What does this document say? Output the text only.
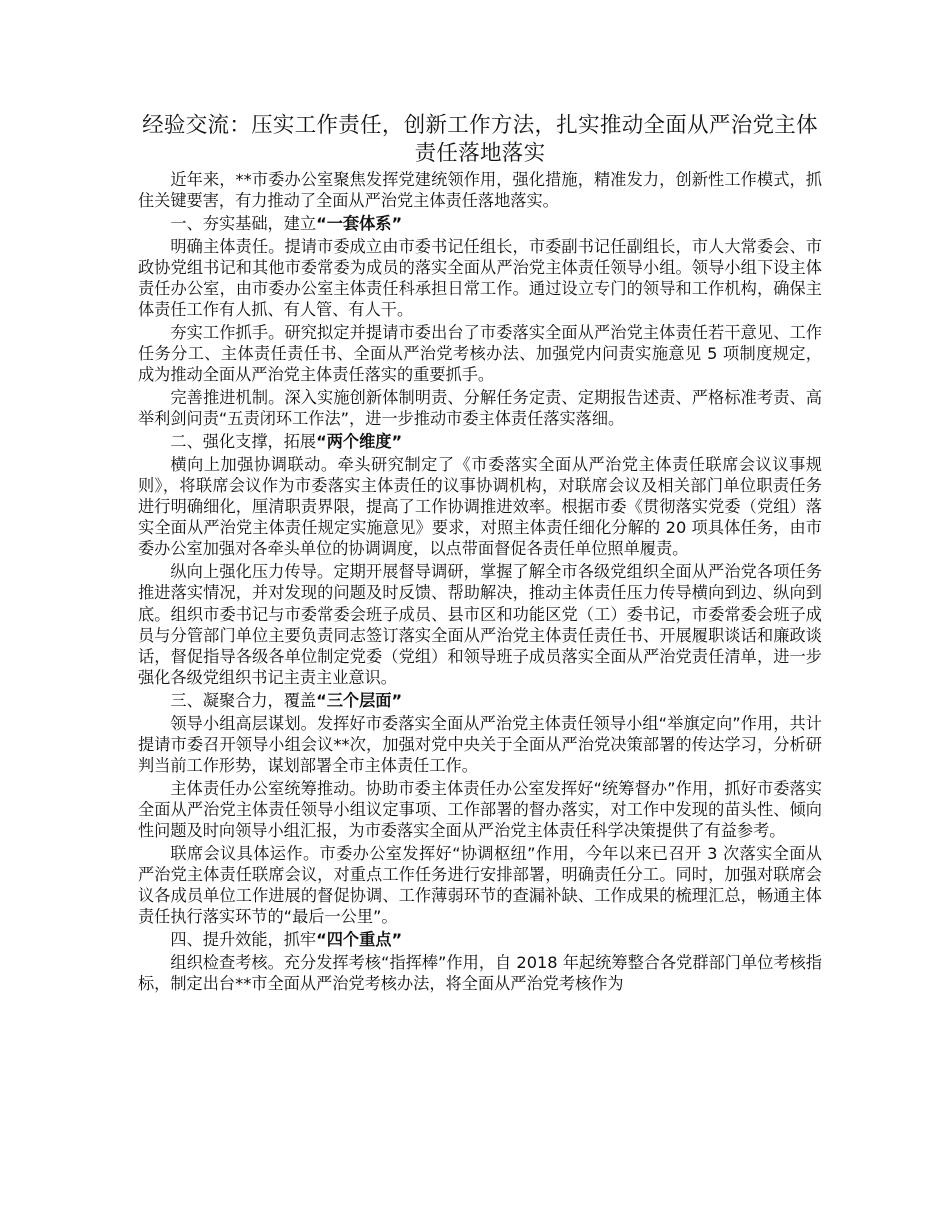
经验交流：压实工作责任，创新工作方法，扎实推动全面从严治党主体责任落地落实

近年来，**市委办公室聚焦发挥党建统领作用，强化措施，精准发力，创新性工作模式，抓住关键要害，有力推动了全面从严治党主体责任落地落实。

一、夯实基础，建立“一套体系”

明确主体责任。提请市委成立由市委书记任组长，市委副书记任副组长，市人大常委会、市政协党组书记和其他市委常委为成员的落实全面从严治党主体责任领导小组。领导小组下设主体责任办公室，由市委办公室主体责任科承担日常工作。通过设立专门的领导和工作机构，确保主体责任工作有人抓、有人管、有人干。

夯实工作抓手。研究拟定并提请市委出台了市委落实全面从严治党主体责任若干意见、工作任务分工、主体责任责任书、全面从严治党考核办法、加强党内问责实施意见 5 项制度规定，成为推动全面从严治党主体责任落实的重要抓手。

完善推进机制。深入实施创新体制明责、分解任务定责、定期报告述责、严格标准考责、高举利剑问责“五责闭环工作法”，进一步推动市委主体责任落实落细。

二、强化支撑，拓展“两个维度”

横向上加强协调联动。牵头研究制定了《市委落实全面从严治党主体责任联席会议议事规则》，将联席会议作为市委落实主体责任的议事协调机构，对联席会议及相关部门单位职责任务进行明确细化，厘清职责界限，提高了工作协调推进效率。根据市委《贯彻落实党委（党组）落实全面从严治党主体责任规定实施意见》要求，对照主体责任细化分解的 20 项具体任务，由市委办公室加强对各牵头单位的协调调度，以点带面督促各责任单位照单履责。

纵向上强化压力传导。定期开展督导调研，掌握了解全市各级党组织全面从严治党各项任务推进落实情况，并对发现的问题及时反馈、帮助解决，推动主体责任压力传导横向到边、纵向到底。组织市委书记与市委常委会班子成员、县市区和功能区党（工）委书记，市委常委会班子成员与分管部门单位主要负责同志签订落实全面从严治党主体责任责任书、开展履职谈话和廉政谈话，督促指导各级各单位制定党委（党组）和领导班子成员落实全面从严治党责任清单，进一步强化各级党组织书记主责主业意识。

三、凝聚合力，覆盖“三个层面”

领导小组高层谋划。发挥好市委落实全面从严治党主体责任领导小组“举旗定向”作用，共计提请市委召开领导小组会议**次，加强对党中央关于全面从严治党决策部署的传达学习，分析研判当前工作形势，谋划部署全市主体责任工作。

主体责任办公室统筹推动。协助市委主体责任办公室发挥好“统筹督办”作用，抓好市委落实全面从严治党主体责任领导小组议定事项、工作部署的督办落实，对工作中发现的苗头性、倾向性问题及时向领导小组汇报，为市委落实全面从严治党主体责任科学决策提供了有益参考。

联席会议具体运作。市委办公室发挥好“协调枢纽”作用，今年以来已召开 3 次落实全面从严治党主体责任联席会议，对重点工作任务进行安排部署，明确责任分工。同时，加强对联席会议各成员单位工作进展的督促协调、工作薄弱环节的查漏补缺、工作成果的梳理汇总，畅通主体责任执行落实环节的“最后一公里”。

四、提升效能，抓牢“四个重点”

组织检查考核。充分发挥考核“指挥棒”作用，自 2018 年起统筹整合各党群部门单位考核指标，制定出台**市全面从严治党考核办法，将全面从严治党考核作为
